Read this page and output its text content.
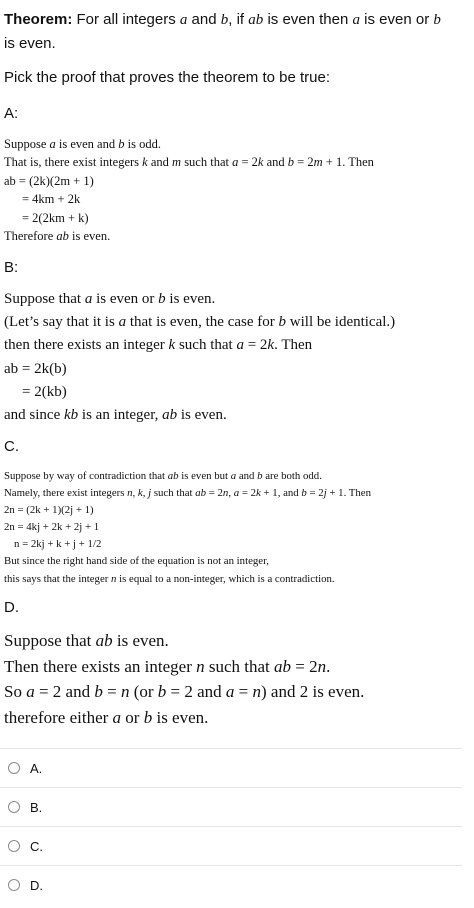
Theorem: For all integers a and b, if ab is even then a is even or b
is even.
Pick the proof that proves the theorem to be true:
A:
Suppose a is even and b is odd.
That is, there exist integers k and m such that a = 2k and b = 2m + 1. Then
ab = (2k)(2m + 1)
= 4km + 2k
= 2(2km + k)
Therefore ab is even.
B:
Suppose that a is even or b is even.
(Let’s say that it is a that is even, the case for b will be identical.)
then there exists an integer k such that a = 2k. Then
ab = 2k(b)
= 2(kb)
and since kb is an integer, ab is even.
C.
Suppose by way of contradiction that ab is even but a and b are both odd.
Namely, there exist integers n, k, j such that ab = 2n, a = 2k + 1, and b = 2j + 1. Then
2n = (2k + 1)(2j + 1)
2n = 4kj + 2k + 2j + 1
n = 2kj + k + j + 1/2
But since the right hand side of the equation is not an integer,
this says that the integer n is equal to a non-integer, which is a contradiction.
D.
Suppose that ab is even.
Then there exists an integer n such that ab = 2n.
So a = 2 and b = n (or b = 2 and a = n) and 2 is even.
therefore either a or b is even.
A.
B.
C.
D.
